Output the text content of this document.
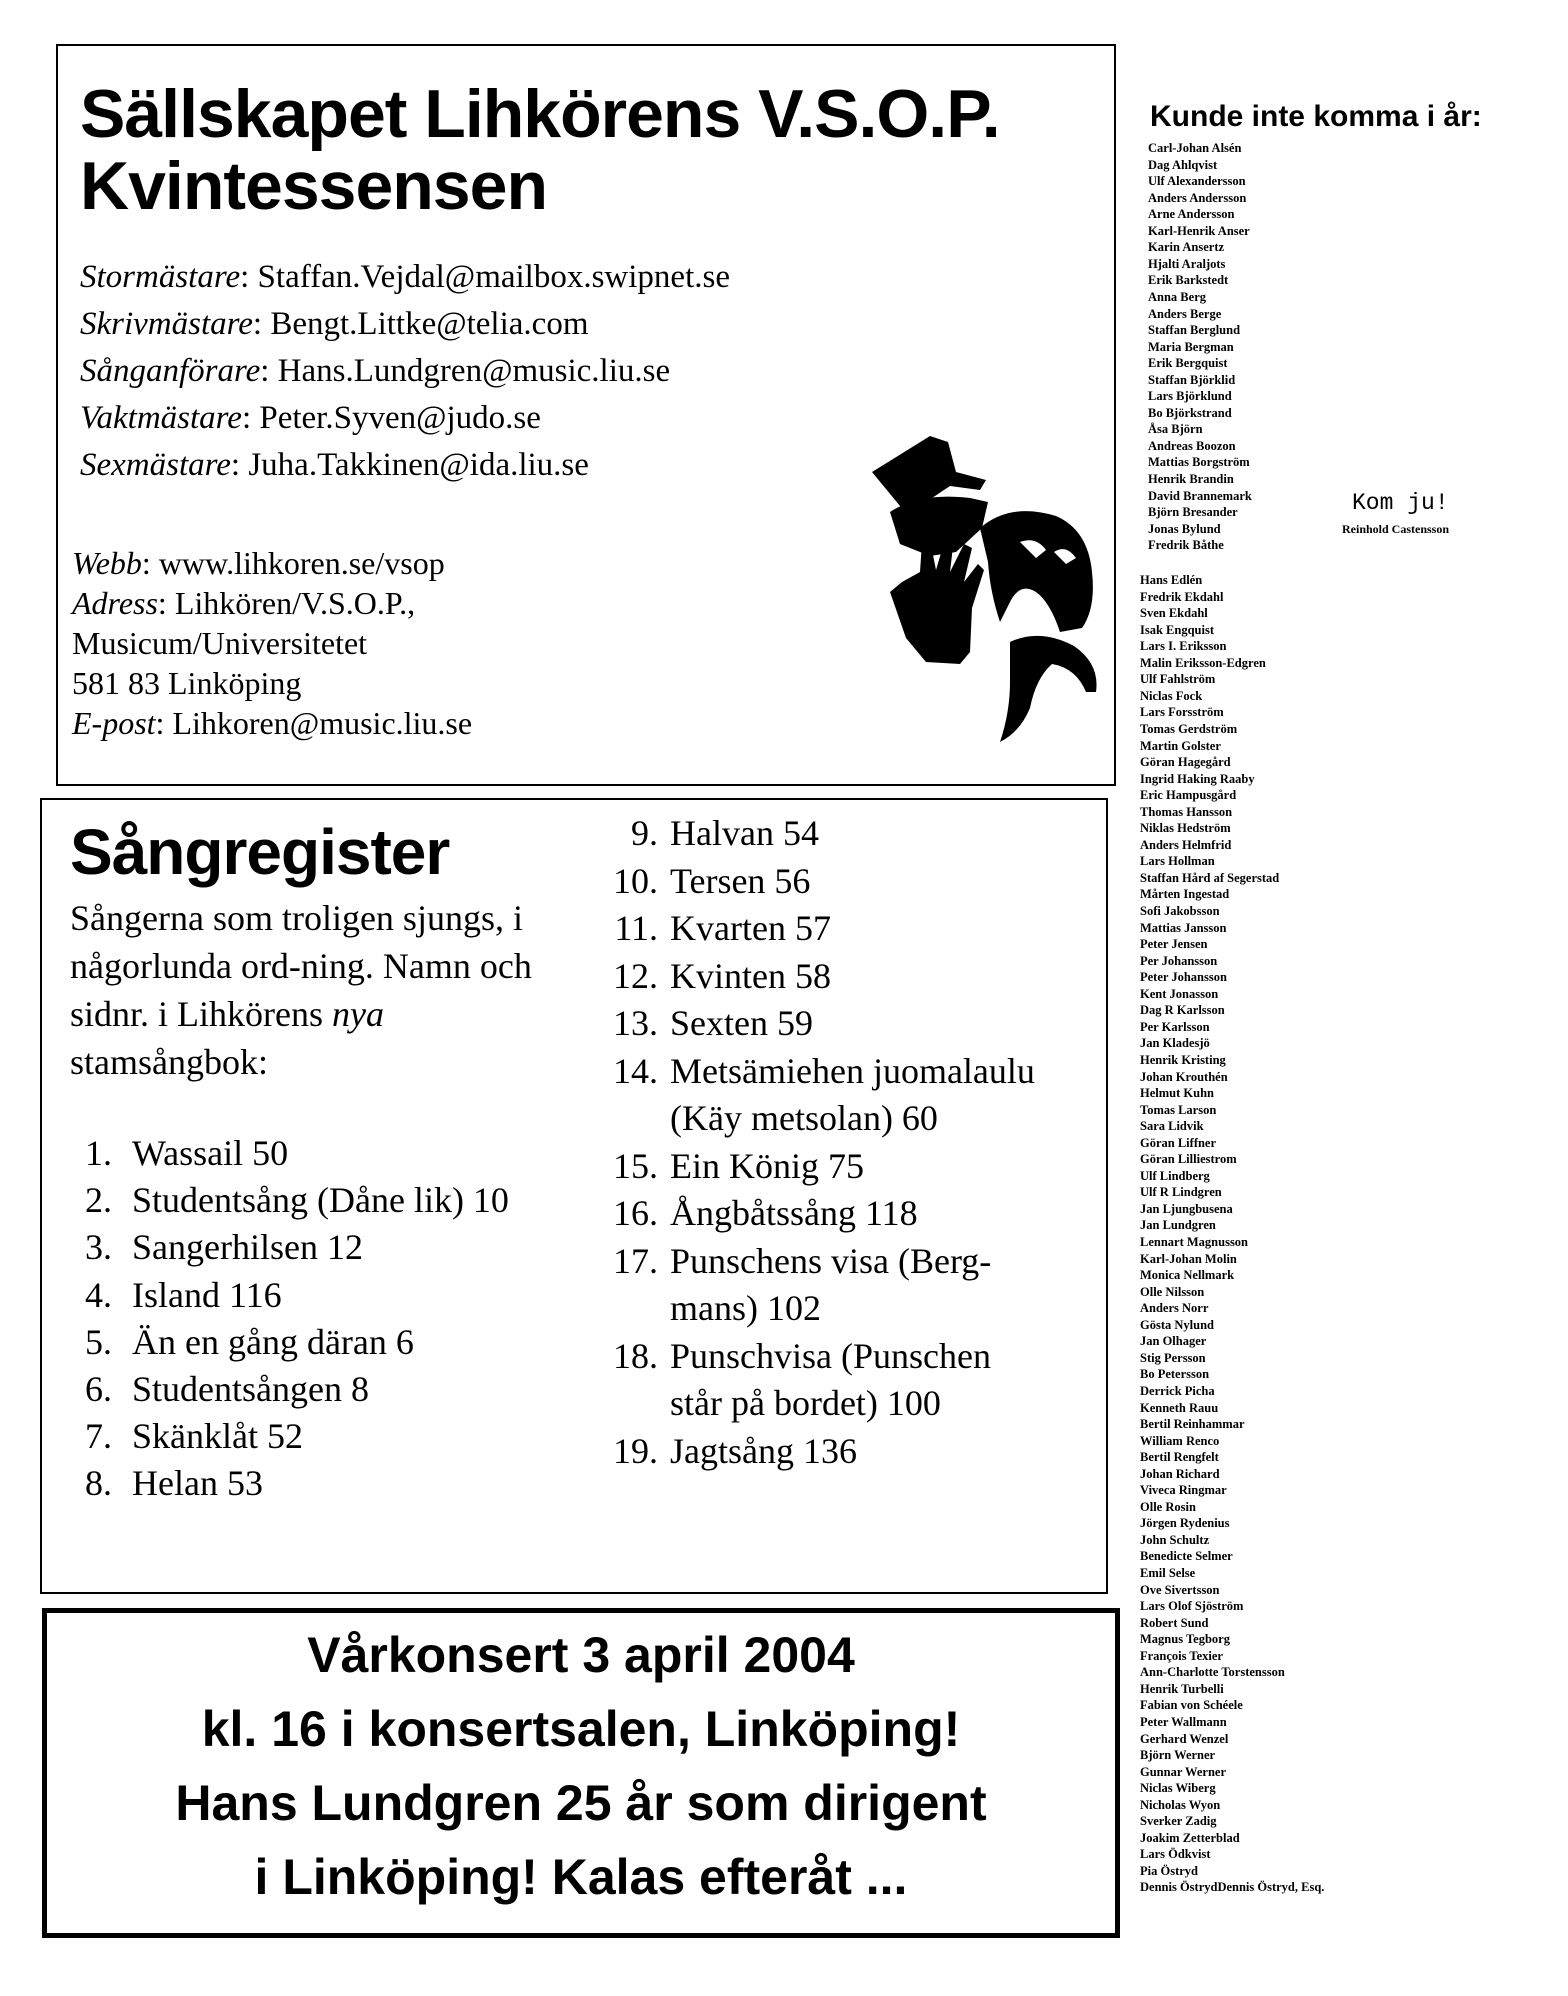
Sällskapet Lihkörens V.S.O.P.
Kvintessensen
Stormästare: Staffan.Vejdal@mailbox.swipnet.se
Skrivmästare: Bengt.Littke@telia.com
Sånganförare: Hans.Lundgren@music.liu.se
Vaktmästare: Peter.Syven@judo.se
Sexmästare: Juha.Takkinen@ida.liu.se
Webb: www.lihkoren.se/vsop
Adress: Lihkören/V.S.O.P.,
Musicum/Universitetet
581 83 Linköping
E-post: Lihkoren@music.liu.se
Sångregister
Sångerna som troligen sjungs, i någorlunda ord-ning. Namn och sidnr. i Lihkörens nya stamsångbok:
1. Wassail 50
2. Studentsång (Dåne lik) 10
3. Sangerhilsen 12
4. Island 116
5. Än en gång däran 6
6. Studentsången 8
7. Skänklåt 52
8. Helan 53
9. Halvan 54
10. Tersen 56
11. Kvarten 57
12. Kvinten 58
13. Sexten 59
14. Metsämiehen juomalaulu
(Käy metsolan) 60
15. Ein König 75
16. Ångbåtssång 118
17. Punschens visa (Berg-
mans) 102
18. Punschvisa (Punschen
står på bordet) 100
19. Jagtsång 136
Vårkonsert 3 april 2004
kl. 16 i konsertsalen, Linköping!
Hans Lundgren 25 år som dirigent
i Linköping! Kalas efteråt ...
Kunde inte komma i år:
Carl-Johan Alsén
Dag Ahlqvist
Ulf Alexandersson
Anders Andersson
Arne Andersson
Karl-Henrik Anser
Karin Ansertz
Hjalti Araljots
Erik Barkstedt
Anna Berg
Anders Berge
Staffan Berglund
Maria Bergman
Erik Bergquist
Staffan Björklid
Lars Björklund
Bo Björkstrand
Åsa Björn
Andreas Boozon
Mattias Borgström
Henrik Brandin
David Brannemark
Björn Bresander
Jonas Bylund
Fredrik Båthe
Hans Edlén
Fredrik Ekdahl
Sven Ekdahl
Isak Engquist
Lars I. Eriksson
Malin Eriksson-Edgren
Ulf Fahlström
Niclas Fock
Lars Forsström
Tomas Gerdström
Martin Golster
Göran Hagegård
Ingrid Haking Raaby
Eric Hampusgård
Thomas Hansson
Niklas Hedström
Anders Helmfrid
Lars Hollman
Staffan Hård af Segerstad
Mårten Ingestad
Sofi Jakobsson
Mattias Jansson
Peter Jensen
Per Johansson
Peter Johansson
Kent Jonasson
Dag R Karlsson
Per Karlsson
Jan Kladesjö
Henrik Kristing
Johan Krouthén
Helmut Kuhn
Tomas Larson
Sara Lidvik
Göran Liffner
Göran Lilliestrom
Ulf Lindberg
Ulf R Lindgren
Jan Ljungbusena
Jan Lundgren
Lennart Magnusson
Karl-Johan Molin
Monica Nellmark
Olle Nilsson
Anders Norr
Gösta Nylund
Jan Olhager
Stig Persson
Bo Petersson
Derrick Picha
Kenneth Rauu
Bertil Reinhammar
William Renco
Bertil Rengfelt
Johan Richard
Viveca Ringmar
Olle Rosin
Jörgen Rydenius
John Schultz
Benedicte Selmer
Emil Selse
Ove Sivertsson
Lars Olof Sjöström
Robert Sund
Magnus Tegborg
François Texier
Ann-Charlotte Torstensson
Henrik Turbelli
Fabian von Schéele
Peter Wallmann
Gerhard Wenzel
Björn Werner
Gunnar Werner
Niclas Wiberg
Nicholas Wyon
Sverker Zadig
Joakim Zetterblad
Lars Ödkvist
Pia Östryd
Dennis ÖstrydDennis Östryd, Esq.
Kom ju!
Reinhold Castensson
